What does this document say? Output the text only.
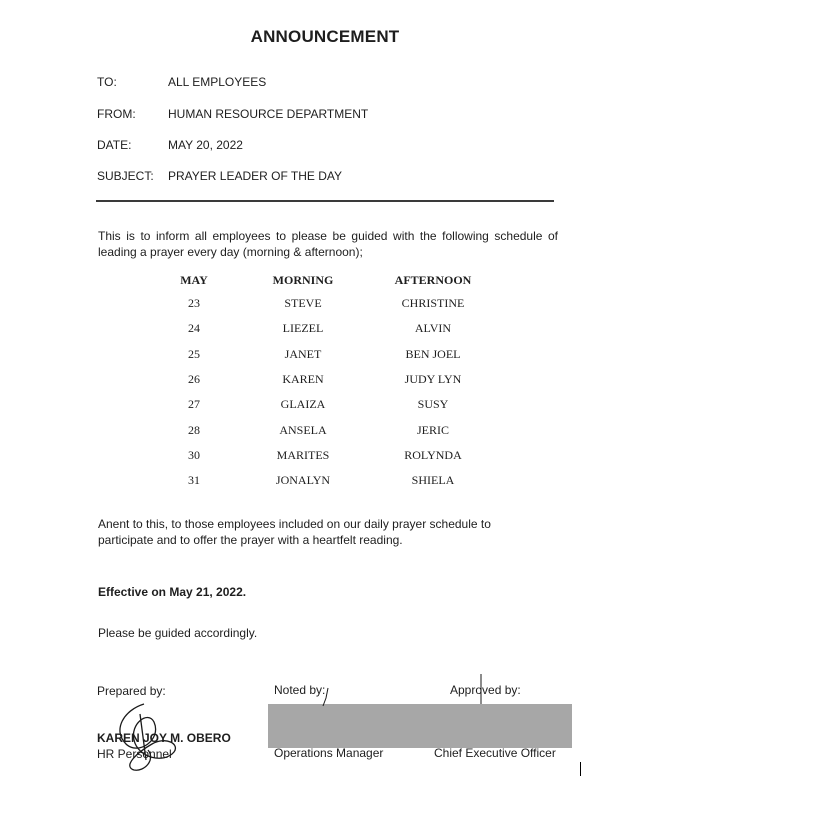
ANNOUNCEMENT
TO:	ALL EMPLOYEES
FROM:	HUMAN RESOURCE DEPARTMENT
DATE:	MAY 20, 2022
SUBJECT: PRAYER LEADER OF THE DAY
This is to inform all employees to please be guided with the following schedule of leading a prayer every day (morning & afternoon);
MAY	MORNING	AFTERNOON
23	STEVE	CHRISTINE
24	LIEZEL	ALVIN
25	JANET	BEN JOEL
26	KAREN	JUDY LYN
27	GLAIZA	SUSY
28	ANSELA	JERIC
30	MARITES	ROLYNDA
31	JONALYN	SHIELA
Anent to this, to those employees included on our daily prayer schedule to participate and to offer the prayer with a heartfelt reading.
Effective on May 21, 2022.
Please be guided accordingly.
Prepared by:	Noted by:	Approved by:
KAREN JOY M. OBERO
HR Personnel	Operations Manager	Chief Executive Officer
